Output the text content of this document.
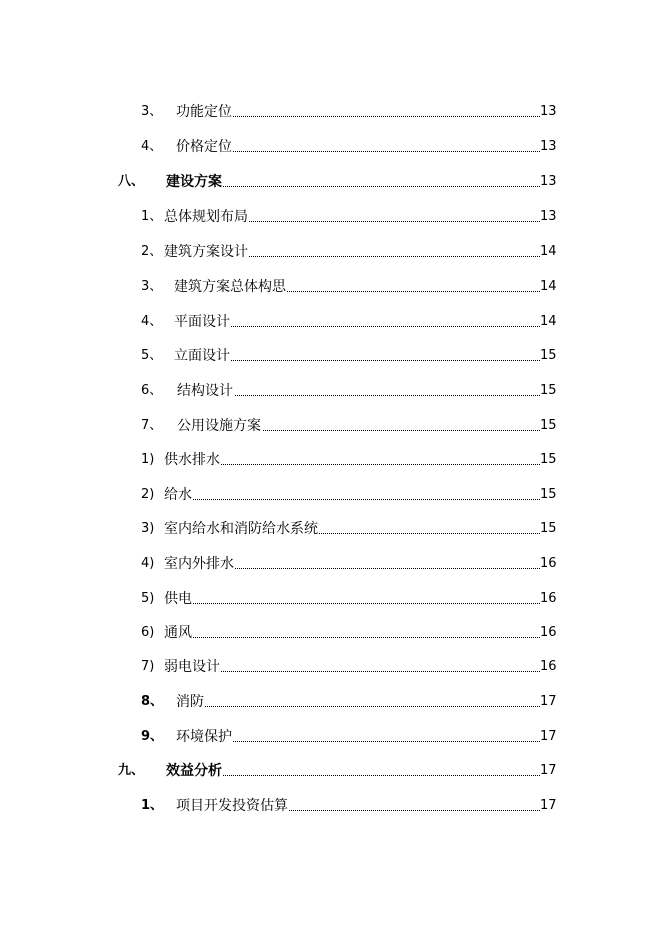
3、 功能定位	13
4、 价格定位	13
八、 建设方案	13
1、 总体规划布局	13
2、 建筑方案设计	14
3、 建筑方案总体构思	14
4、 平面设计	14
5、 立面设计	15
6、 结构设计	15
7、 公用设施方案	15
1) 供水排水	15
2) 给水	15
3) 室内给水和消防给水系统	15
4) 室内外排水	16
5) 供电	16
6) 通风	16
7) 弱电设计	16
8、 消防	17
9、 环境保护	17
九、 效益分析	17
1、 项目开发投资估算	17
